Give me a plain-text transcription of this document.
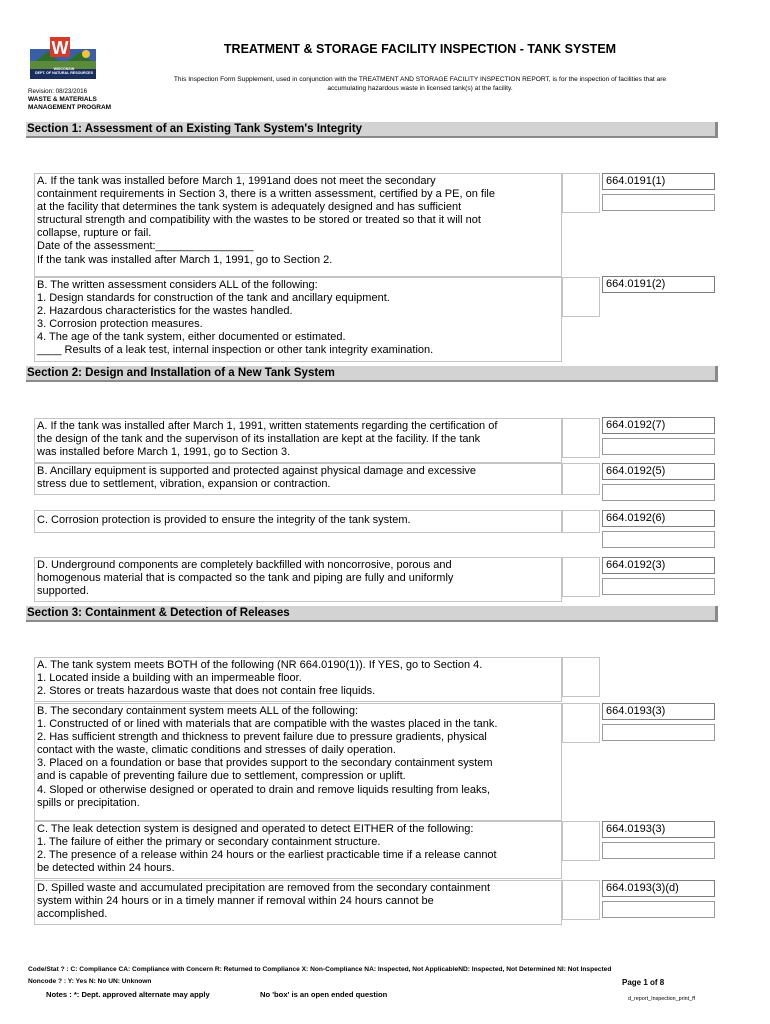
W
WISCONSIN
DEPT. OF NATURAL RESOURCES
Revision: 08/23/2016
WASTE & MATERIALS
MANAGEMENT PROGRAM
TREATMENT & STORAGE FACILITY INSPECTION - TANK SYSTEM
This Inspection Form Supplement, used in conjunction with the TREATMENT AND STORAGE FACILITY INSPECTION REPORT, is for the inspection of facilities that are
accumulating hazardous waste in licensed tank(s) at the facility.
Section 1: Assessment of an Existing Tank System's Integrity
A. If the tank was installed before March 1, 1991and does not meet the secondary
containment requirements in Section 3, there is a written assessment, certified by a PE, on file
at the facility that determines the tank system is adequately designed and has sufficient
structural strength and compatibility with the wastes to be stored or treated so that it will not
collapse, rupture or fail.
Date of the assessment:________________
If the tank was installed after March 1, 1991, go to Section 2.
664.0191(1)
B. The written assessment considers ALL of the following:
1. Design standards for construction of the tank and ancillary equipment.
2. Hazardous characteristics for the wastes handled.
3. Corrosion protection measures.
4. The age of the tank system, either documented or estimated.
____ Results of a leak test, internal inspection or other tank integrity examination.
664.0191(2)
Section 2: Design and Installation of a New Tank System
A. If the tank was installed after March 1, 1991, written statements regarding the certification of
the design of the tank and the supervison of its installation are kept at the facility. If the tank
was installed before March 1, 1991, go to Section 3.
664.0192(7)
B. Ancillary equipment is supported and protected against physical damage and excessive
stress due to settlement, vibration, expansion or contraction.
664.0192(5)
C. Corrosion protection is provided to ensure the integrity of the tank system.	664.0192(6)
D. Underground components are completely backfilled with noncorrosive, porous and
homogenous material that is compacted so the tank and piping are fully and uniformly
supported.
664.0192(3)
Section 3: Containment & Detection of Releases
A. The tank system meets BOTH of the following (NR 664.0190(1)). If YES, go to Section 4.
1. Located inside a building with an impermeable floor.
2. Stores or treats hazardous waste that does not contain free liquids.
B. The secondary containment system meets ALL of the following:
1. Constructed of or lined with materials that are compatible with the wastes placed in the tank.
2. Has sufficient strength and thickness to prevent failure due to pressure gradients, physical
contact with the waste, climatic conditions and stresses of daily operation.
3. Placed on a foundation or base that provides support to the secondary containment system
and is capable of preventing failure due to settlement, compression or uplift.
4. Sloped or otherwise designed or operated to drain and remove liquids resulting from leaks,
spills or precipitation.
664.0193(3)
C. The leak detection system is designed and operated to detect EITHER of the following:
1. The failure of either the primary or secondary containment structure.
2. The presence of a release within 24 hours or the earliest practicable time if a release cannot
be detected within 24 hours.
664.0193(3)
D. Spilled waste and accumulated precipitation are removed from the secondary containment
system within 24 hours or in a timely manner if removal within 24 hours cannot be
accomplished.
664.0193(3)(d)
Code/Stat ? : C: Compliance CA: Compliance with Concern R: Returned to Compliance X: Non-Compliance NA: Inspected, Not ApplicableND: Inspected, Not Determined NI: Not Inspected
Noncode ? : Y: Yes N: No UN: Unknown	Page 1 of 8
Notes : *: Dept. approved alternate may apply	No 'box' is an open ended question	d_report_Inspection_print_ff
